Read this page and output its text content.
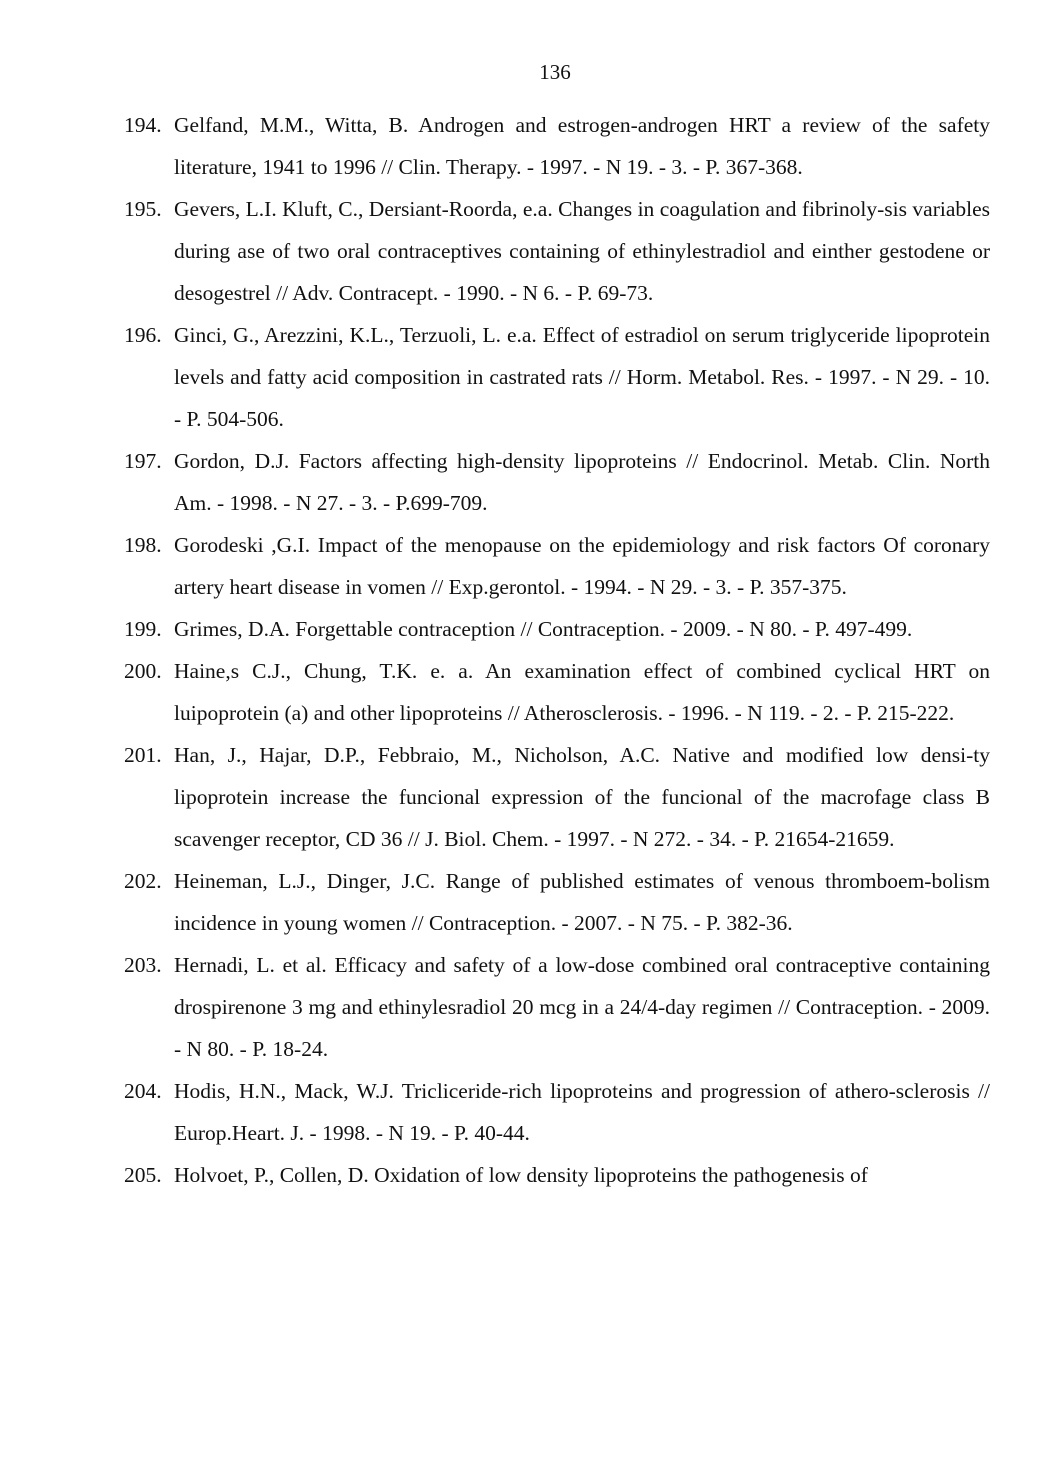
136
194. Gelfand, M.M., Witta, B. Androgen and estrogen-androgen HRT a review of the safety literature, 1941 to 1996 // Clin. Therapy. - 1997. - N 19. - 3. - P. 367-368.
195. Gevers, L.I. Kluft, C., Dersiant-Roorda, e.a. Changes in coagulation and fibrinoly-sis variables during ase of two oral contraceptives containing of ethinylestradiol and einther gestodene or desogestrel // Adv. Contracept. - 1990. - N 6. - P. 69-73.
196. Ginci, G., Arezzini, K.L., Terzuoli, L. e.a. Effect of estradiol on serum triglyceride lipoprotein levels and fatty acid composition in castrated rats // Horm. Metabol. Res. - 1997. - N 29. - 10. - P. 504-506.
197. Gordon, D.J. Factors affecting high-density lipoproteins // Endocrinol. Metab. Clin. North Am. - 1998. - N 27. - 3. - P.699-709.
198. Gorodeski ,G.I. Impact of the menopause on the epidemiology and risk factors Of coronary artery heart disease in vomen // Exp.gerontol. - 1994. - N 29. - 3. - P. 357-375.
199. Grimes, D.A. Forgettable contraception // Contraception. - 2009. - N 80. - P. 497-499.
200. Haine,s C.J., Chung, T.K. e. a. An examination effect of combined cyclical HRT on luipoprotein (a) and other lipoproteins // Atherosclerosis. - 1996. - N 119. - 2. - P. 215-222.
201. Han, J., Hajar, D.P., Febbraio, M., Nicholson, A.C. Native and modified low densi-ty lipoprotein increase the funcional expression of the funcional of the macrofage class B scavenger receptor, CD 36 // J. Biol. Chem. - 1997. - N 272. - 34. - P. 21654-21659.
202. Heineman, L.J., Dinger, J.C. Range of published estimates of venous thromboem-bolism incidence in young women // Contraception. - 2007. - N 75. - P. 382-36.
203. Hernadi, L. et al. Efficacy and safety of a low-dose combined oral contraceptive containing drospirenone 3 mg and ethinylesradiol 20 mcg in a 24/4-day regimen // Contraception. - 2009. - N 80. - P. 18-24.
204. Hodis, H.N., Mack, W.J. Tricliceride-rich lipoproteins and progression of athero-sclerosis // Europ.Heart. J. - 1998. - N 19. - P. 40-44.
205. Holvoet, P., Collen, D. Oxidation of low density lipoproteins the pathogenesis of
